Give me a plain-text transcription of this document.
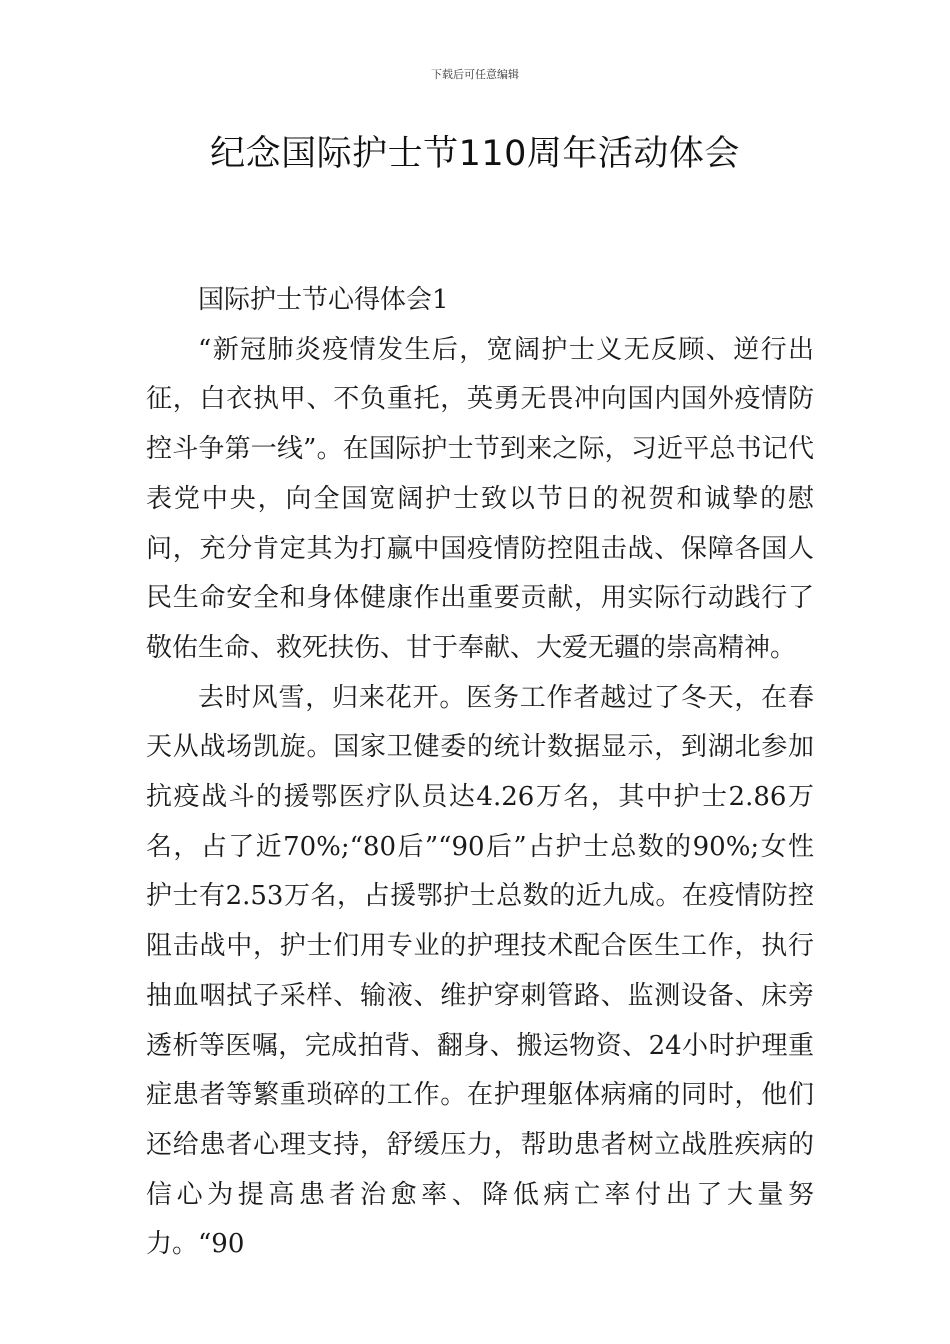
下载后可任意编辑
纪念国际护士节110周年活动体会

国际护士节心得体会1

“新冠肺炎疫情发生后，宽阔护士义无反顾、逆行出征，白衣执甲、不负重托，英勇无畏冲向国内国外疫情防控斗争第一线”。在国际护士节到来之际，习近平总书记代表党中央，向全国宽阔护士致以节日的祝贺和诚挚的慰问，充分肯定其为打赢中国疫情防控阻击战、保障各国人民生命安全和身体健康作出重要贡献，用实际行动践行了敬佑生命、救死扶伤、甘于奉献、大爱无疆的崇高精神。

去时风雪，归来花开。医务工作者越过了冬天，在春天从战场凯旋。国家卫健委的统计数据显示，到湖北参加抗疫战斗的援鄂医疗队员达4.26万名，其中护士2.86万名，占了近70%;“80后”“90后”占护士总数的90%;女性护士有2.53万名，占援鄂护士总数的近九成。在疫情防控阻击战中，护士们用专业的护理技术配合医生工作，执行抽血咽拭子采样、输液、维护穿刺管路、监测设备、床旁透析等医嘱，完成拍背、翻身、搬运物资、24小时护理重症患者等繁重琐碎的工作。在护理躯体病痛的同时，他们还给患者心理支持，舒缓压力，帮助患者树立战胜疾病的信心为提高患者治愈率、降低病亡率付出了大量努力。“90
